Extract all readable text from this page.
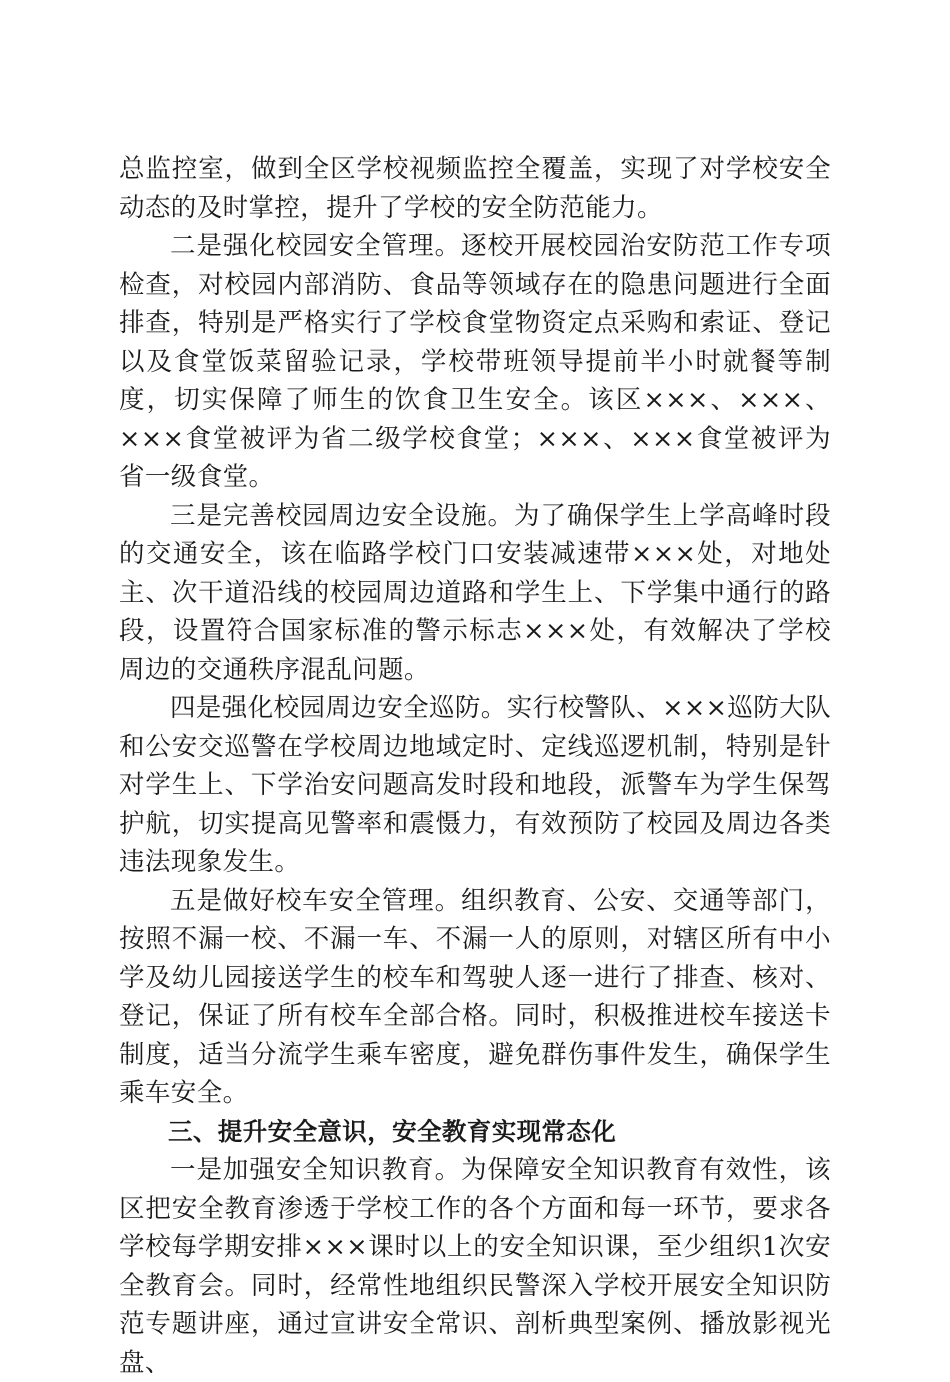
总监控室，做到全区学校视频监控全覆盖，实现了对学校安全动态的及时掌控，提升了学校的安全防范能力。

二是强化校园安全管理。逐校开展校园治安防范工作专项检查，对校园内部消防、食品等领域存在的隐患问题进行全面排查，特别是严格实行了学校食堂物资定点采购和索证、登记以及食堂饭菜留验记录，学校带班领导提前半小时就餐等制度，切实保障了师生的饮食卫生安全。该区×××、×××、×××食堂被评为省二级学校食堂；×××、×××食堂被评为省一级食堂。

三是完善校园周边安全设施。为了确保学生上学高峰时段的交通安全，该在临路学校门口安装减速带×××处，对地处主、次干道沿线的校园周边道路和学生上、下学集中通行的路段，设置符合国家标准的警示标志×××处，有效解决了学校周边的交通秩序混乱问题。

四是强化校园周边安全巡防。实行校警队、×××巡防大队和公安交巡警在学校周边地域定时、定线巡逻机制，特别是针对学生上、下学治安问题高发时段和地段，派警车为学生保驾护航，切实提高见警率和震慑力，有效预防了校园及周边各类违法现象发生。

五是做好校车安全管理。组织教育、公安、交通等部门，按照不漏一校、不漏一车、不漏一人的原则，对辖区所有中小学及幼儿园接送学生的校车和驾驶人逐一进行了排查、核对、登记，保证了所有校车全部合格。同时，积极推进校车接送卡制度，适当分流学生乘车密度，避免群伤事件发生，确保学生乘车安全。

三、提升安全意识，安全教育实现常态化

一是加强安全知识教育。为保障安全知识教育有效性，该区把安全教育渗透于学校工作的各个方面和每一环节，要求各学校每学期安排×××课时以上的安全知识课，至少组织1次安全教育会。同时，经常性地组织民警深入学校开展安全知识防范专题讲座，通过宣讲安全常识、剖析典型案例、播放影视光盘、
